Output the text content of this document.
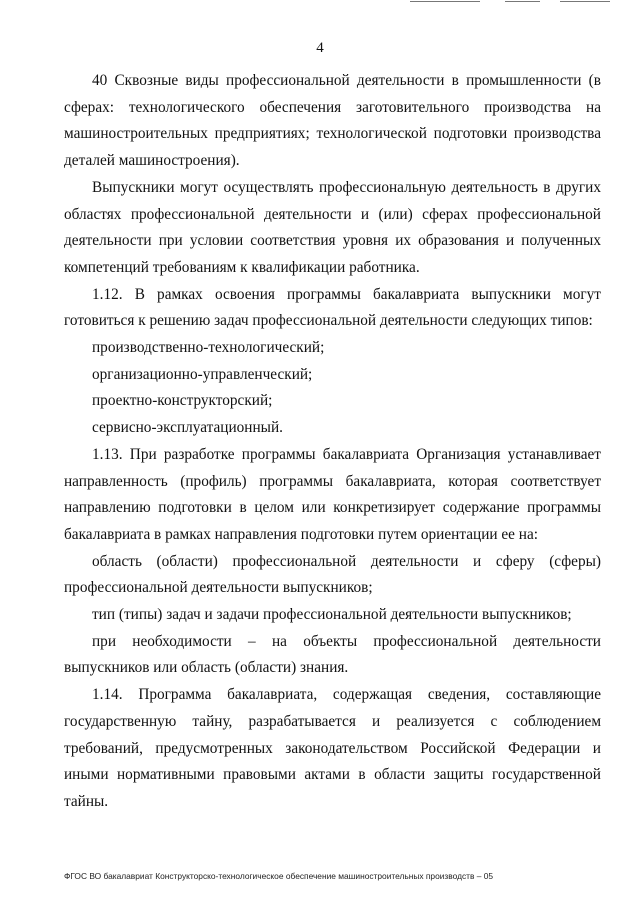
4

40 Сквозные виды профессиональной деятельности в промышленности (в сферах: технологического обеспечения заготовительного производства на машиностроительных предприятиях; технологической подготовки производства деталей машиностроения).

Выпускники могут осуществлять профессиональную деятельность в других областях профессиональной деятельности и (или) сферах профессиональной деятельности при условии соответствия уровня их образования и полученных компетенций требованиям к квалификации работника.

1.12. В рамках освоения программы бакалавриата выпускники могут готовиться к решению задач профессиональной деятельности следующих типов:

производственно-технологический;

организационно-управленческий;

проектно-конструкторский;

сервисно-эксплуатационный.

1.13. При разработке программы бакалавриата Организация устанавливает направленность (профиль) программы бакалавриата, которая соответствует направлению подготовки в целом или конкретизирует содержание программы бакалавриата в рамках направления подготовки путем ориентации ее на:

область (области) профессиональной деятельности и сферу (сферы) профессиональной деятельности выпускников;

тип (типы) задач и задачи профессиональной деятельности выпускников;

при необходимости – на объекты профессиональной деятельности выпускников или область (области) знания.

1.14. Программа бакалавриата, содержащая сведения, составляющие государственную тайну, разрабатывается и реализуется с соблюдением требований, предусмотренных законодательством Российской Федерации и иными нормативными правовыми актами в области защиты государственной тайны.

ФГОС ВО бакалавриат Конструкторско-технологическое обеспечение машиностроительных производств – 05
